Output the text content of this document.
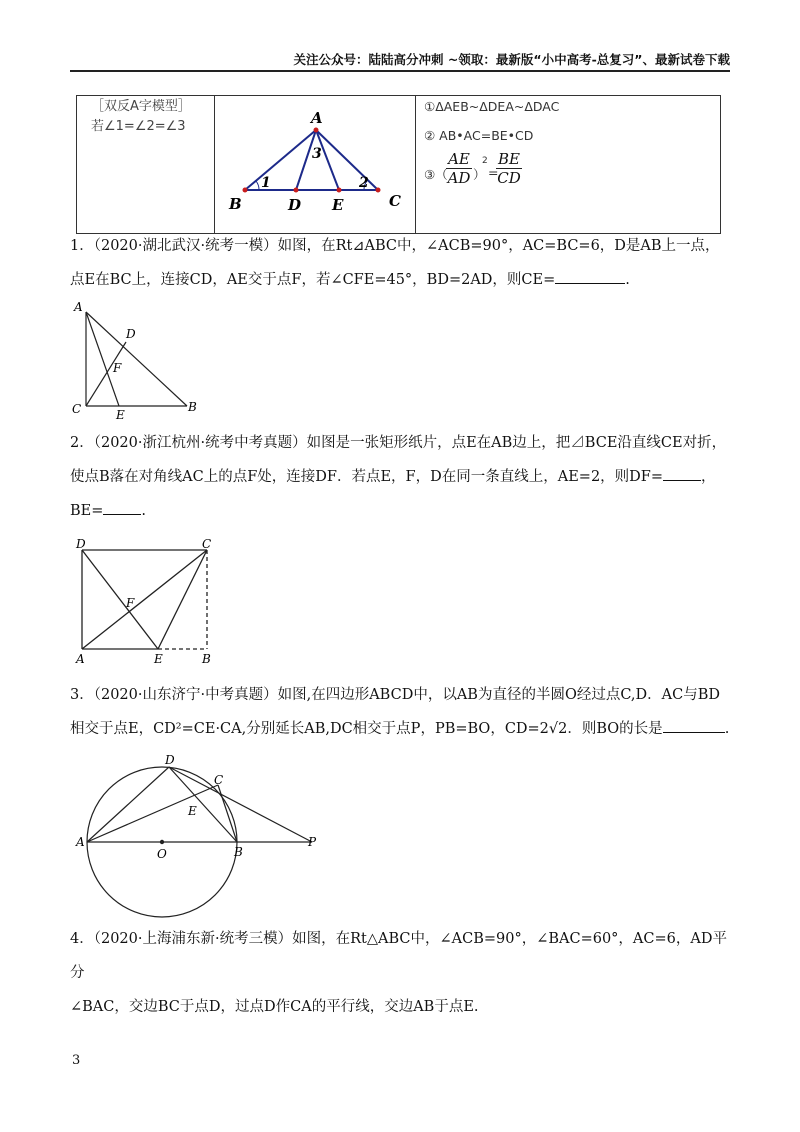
关注公众号：陆陆高分冲刺 ~领取：最新版“小中高考-总复习”、最新试卷下载
［双反A字模型］
若∠1=∠2=∠3	A
B	C
D E
1	2
3

①ΔAEB~ΔDEA~ΔDAC
② AB•AC=BE•CD
③（
$\frac{AE}{AD}$ ）
2
=
$\frac{BE}{CD}$
1．（2020·湖北武汉·统考一模）如图，在Rt⊿ABC中，∠ACB=90°，AC=BC=6，D是AB上一点，
点E在BC上，连接CD，AE交于点F，若∠CFE=45°，BD=2AD，则CE=	.
A
D
F
C	E
B
2．（2020·浙江杭州·统考中考真题）如图是一张矩形纸片，点E在AB边上，把⊿BCE沿直线CE对折，
使点B落在对角线AC上的点F处，连接DF．若点E，F，D在同一条直线上，AE=2，则DF=	，
BE=	.
D	C
F
A	E	B
3．（2020·山东济宁·中考真题）如图,在四边形ABCD中，以AB为直径的半圆O经过点C,D．AC与BD
相交于点E，CD²=CE·CA,分别延长AB,DC相交于点P，PB=BO，CD=2√2．则BO的长是	.
D
C
E
A
O	B
P
4．（2020·上海浦东新·统考三模）如图，在Rt△ABC中，∠ACB=90°，∠BAC=60°，AC=6，AD平分
∠BAC，交边BC于点D，过点D作CA的平行线，交边AB于点E.
3
